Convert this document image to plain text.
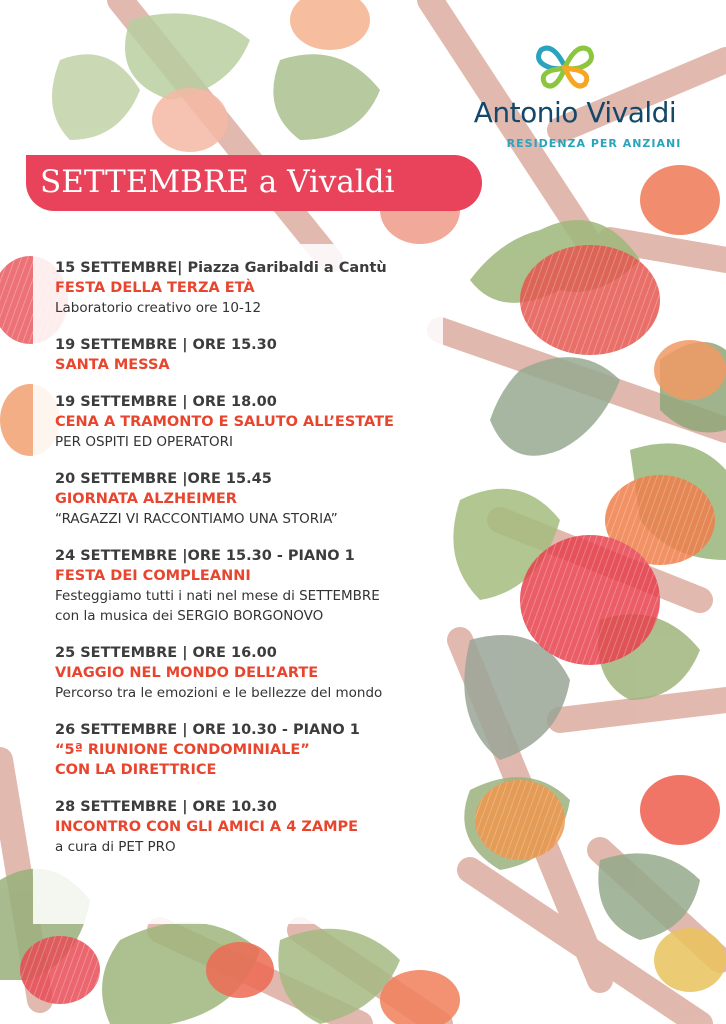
Antonio Vivaldi
RESIDENZA PER ANZIANI
SETTEMBRE a Vivaldi
15 SETTEMBRE| Piazza Garibaldi a Cantù
FESTA DELLA TERZA ETÀ
Laboratorio creativo ore 10-12
19 SETTEMBRE | ORE 15.30
SANTA MESSA
19 SETTEMBRE | ORE 18.00
CENA A TRAMONTO E SALUTO ALL’ESTATE
PER OSPITI ED OPERATORI
20 SETTEMBRE |ORE 15.45
GIORNATA ALZHEIMER
“RAGAZZI VI RACCONTIAMO UNA STORIA”
24 SETTEMBRE |ORE 15.30 - PIANO 1
FESTA DEI COMPLEANNI
Festeggiamo tutti i nati nel mese di SETTEMBRE
con la musica dei SERGIO BORGONOVO
25 SETTEMBRE | ORE 16.00
VIAGGIO NEL MONDO DELL’ARTE
Percorso tra le emozioni e le bellezze del mondo
26 SETTEMBRE | ORE 10.30 - PIANO 1
“5ª RIUNIONE CONDOMINIALE”
CON LA DIRETTRICE
28 SETTEMBRE | ORE 10.30
INCONTRO CON GLI AMICI A 4 ZAMPE
a cura di PET PRO
